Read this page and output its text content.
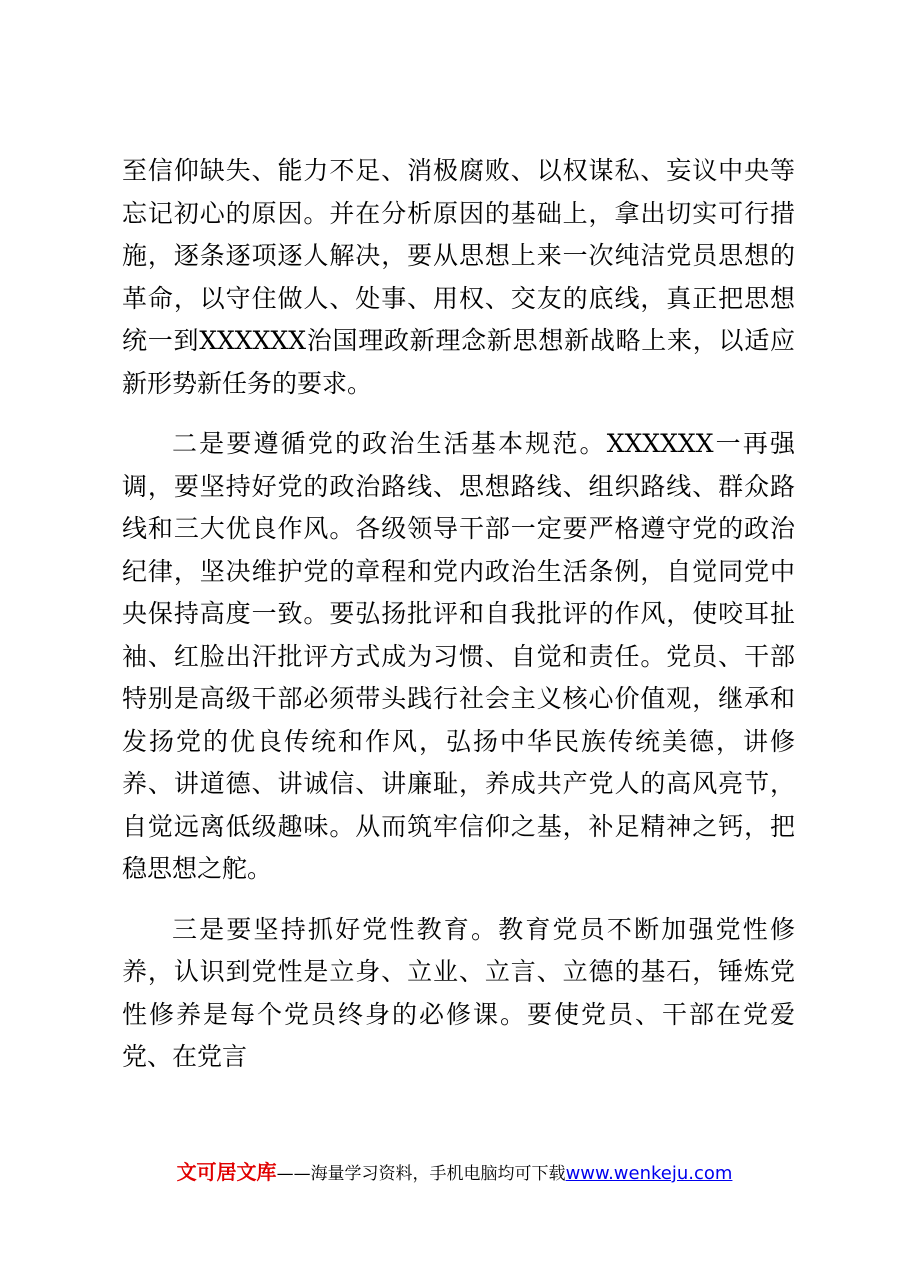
至信仰缺失、能力不足、消极腐败、以权谋私、妄议中央等忘记初心的原因。并在分析原因的基础上，拿出切实可行措施，逐条逐项逐人解决，要从思想上来一次纯洁党员思想的革命，以守住做人、处事、用权、交友的底线，真正把思想统一到XXXXXX治国理政新理念新思想新战略上来，以适应新形势新任务的要求。

二是要遵循党的政治生活基本规范。XXXXXX一再强调，要坚持好党的政治路线、思想路线、组织路线、群众路线和三大优良作风。各级领导干部一定要严格遵守党的政治纪律，坚决维护党的章程和党内政治生活条例，自觉同党中央保持高度一致。要弘扬批评和自我批评的作风，使咬耳扯袖、红脸出汗批评方式成为习惯、自觉和责任。党员、干部特别是高级干部必须带头践行社会主义核心价值观，继承和发扬党的优良传统和作风，弘扬中华民族传统美德，讲修养、讲道德、讲诚信、讲廉耻，养成共产党人的高风亮节，自觉远离低级趣味。从而筑牢信仰之基，补足精神之钙，把稳思想之舵。

三是要坚持抓好党性教育。教育党员不断加强党性修养，认识到党性是立身、立业、立言、立德的基石，锤炼党性修养是每个党员终身的必修课。要使党员、干部在党爱党、在党言

文可居文库——海量学习资料，手机电脑均可下载www.wenkeju.com
